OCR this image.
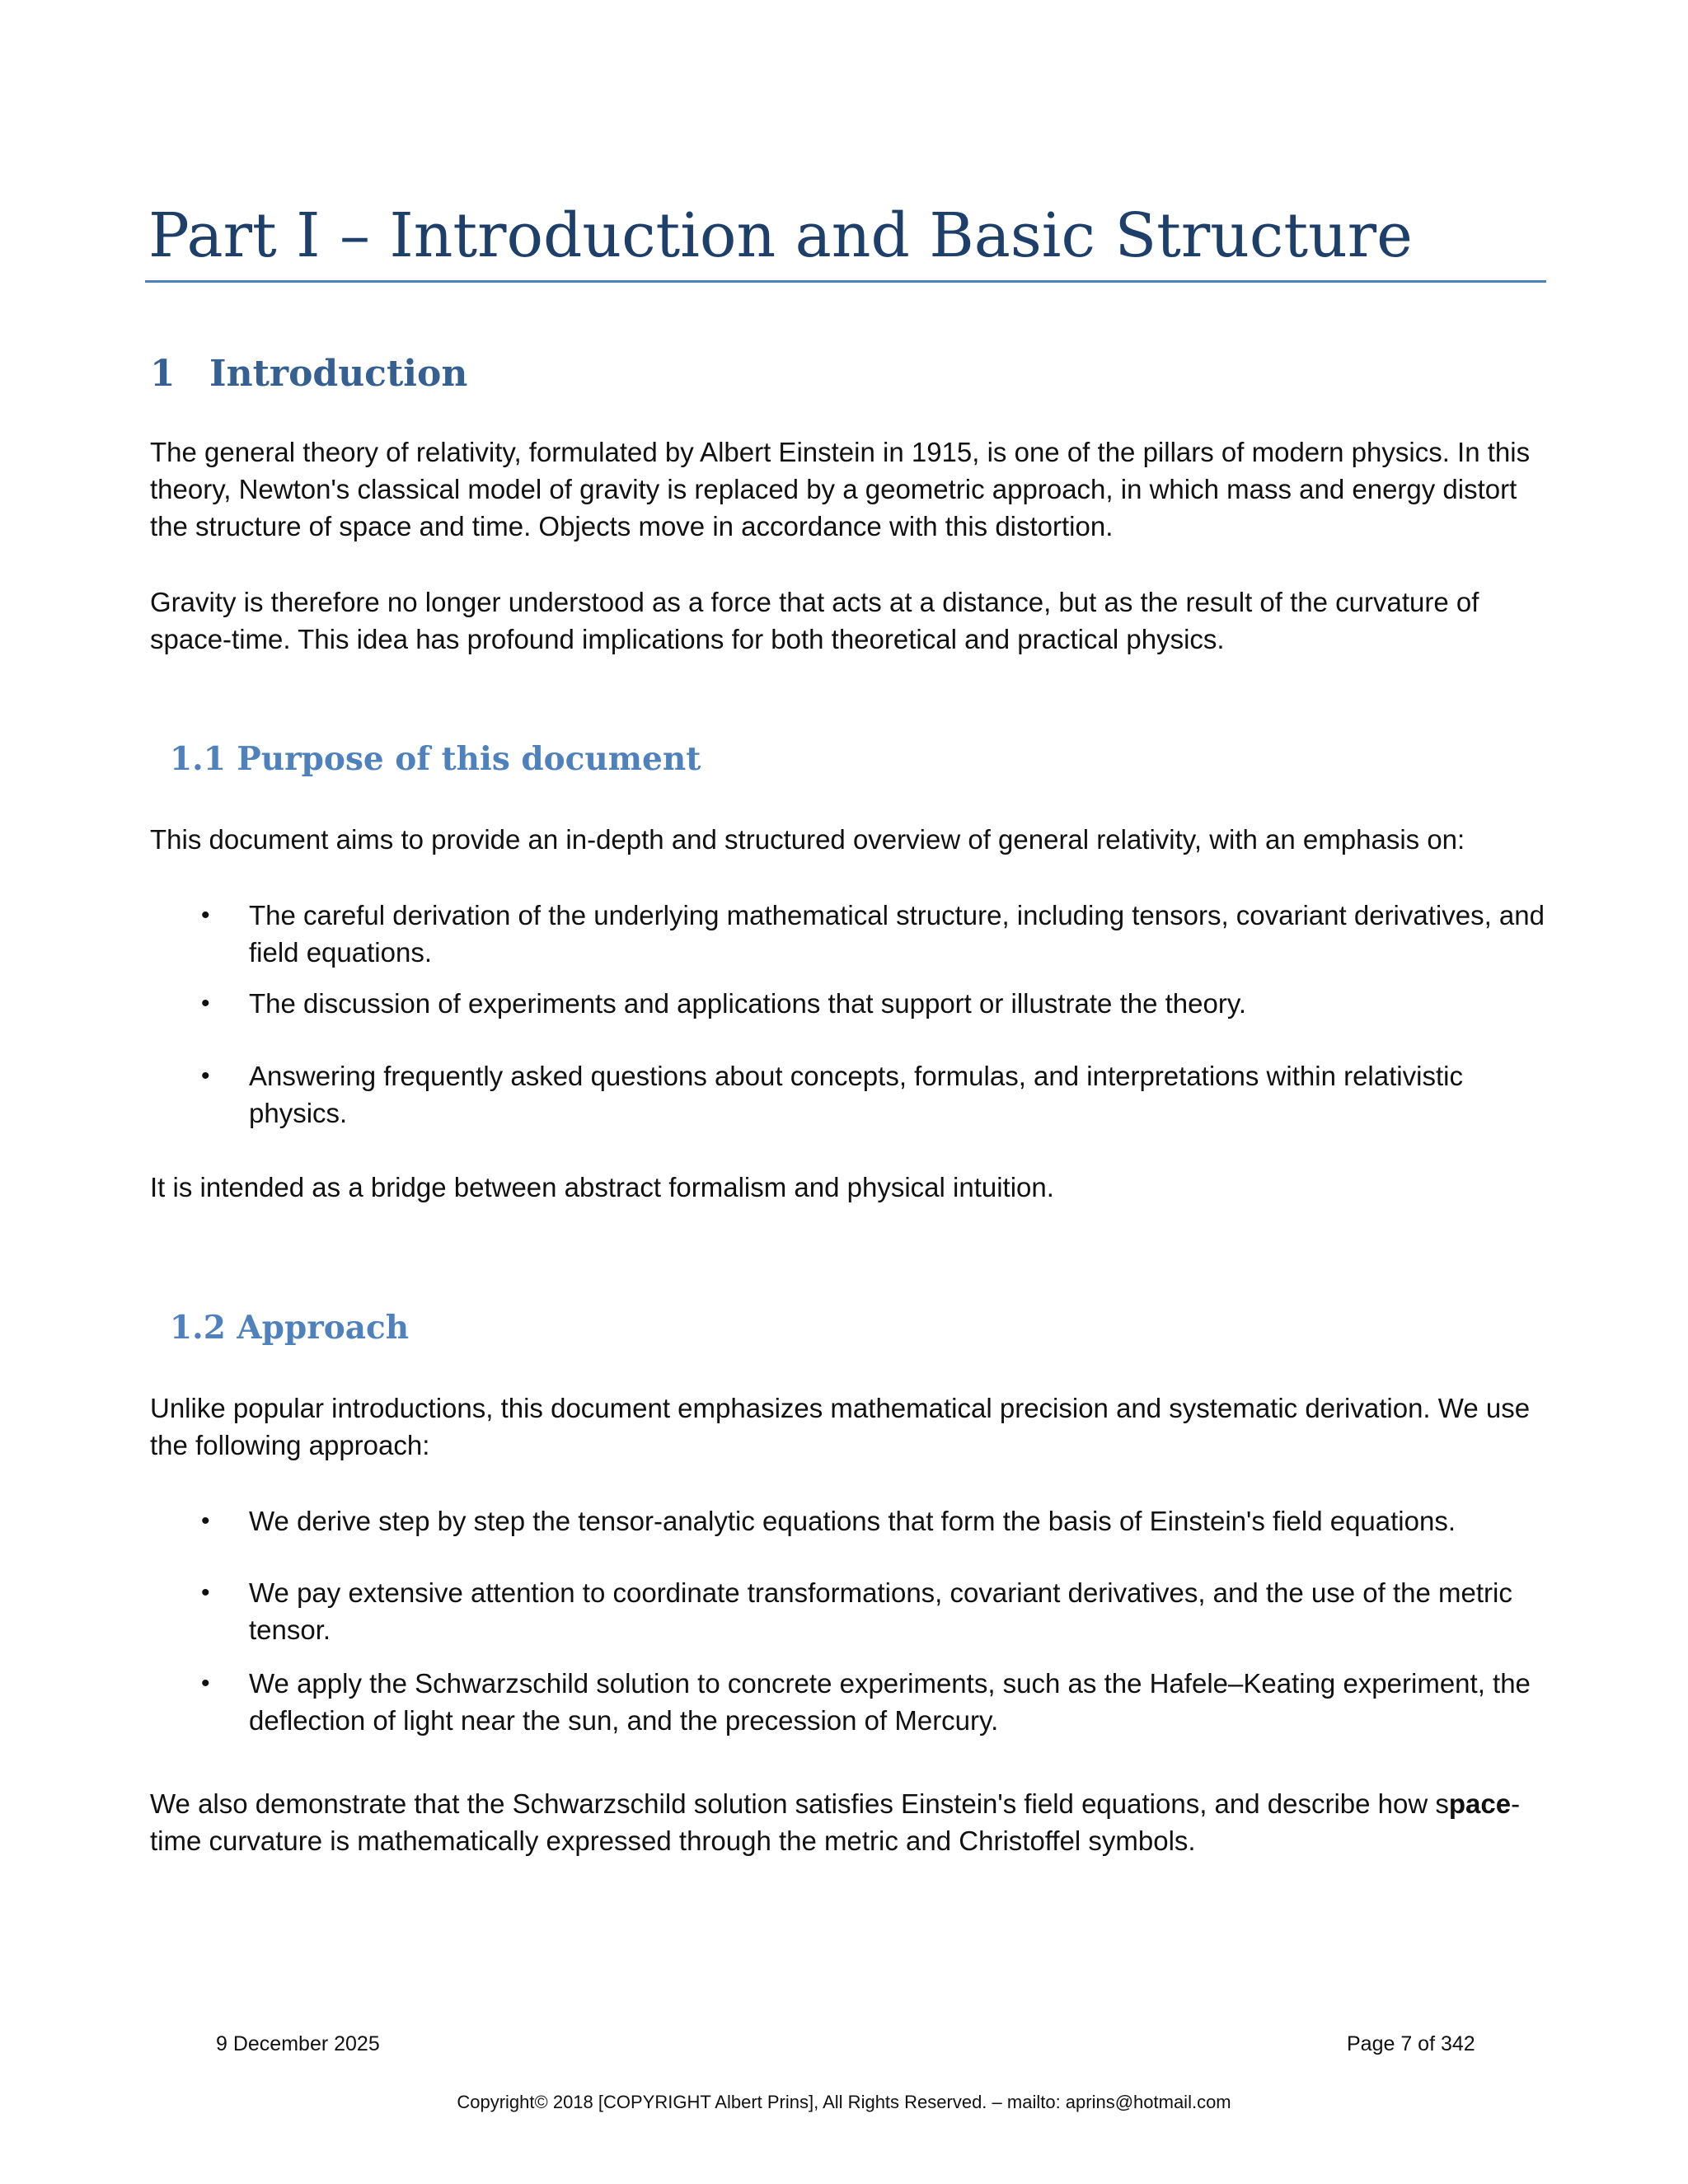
Part I – Introduction and Basic Structure
1 Introduction

The general theory of relativity, formulated by Albert Einstein in 1915, is one of the pillars of modern physics. In this theory, Newton's classical model of gravity is replaced by a geometric approach, in which mass and energy distort the structure of space and time. Objects move in accordance with this distortion.

Gravity is therefore no longer understood as a force that acts at a distance, but as the result of the curvature of space-time. This idea has profound implications for both theoretical and practical physics.

1.1 Purpose of this document

This document aims to provide an in-depth and structured overview of general relativity, with an emphasis on:

• The careful derivation of the underlying mathematical structure, including tensors, covariant derivatives, and field equations.
• The discussion of experiments and applications that support or illustrate the theory.
• Answering frequently asked questions about concepts, formulas, and interpretations within relativistic physics.

It is intended as a bridge between abstract formalism and physical intuition.

1.2 Approach

Unlike popular introductions, this document emphasizes mathematical precision and systematic derivation. We use the following approach:

• We derive step by step the tensor-analytic equations that form the basis of Einstein's field equations.
• We pay extensive attention to coordinate transformations, covariant derivatives, and the use of the metric tensor.
• We apply the Schwarzschild solution to concrete experiments, such as the Hafele–Keating experiment, the deflection of light near the sun, and the precession of Mercury.

We also demonstrate that the Schwarzschild solution satisfies Einstein's field equations, and describe how space-time curvature is mathematically expressed through the metric and Christoffel symbols.

9 December 2025	Page 7 of 342
Copyright© 2018 [COPYRIGHT Albert Prins], All Rights Reserved. – mailto: aprins@hotmail.com
